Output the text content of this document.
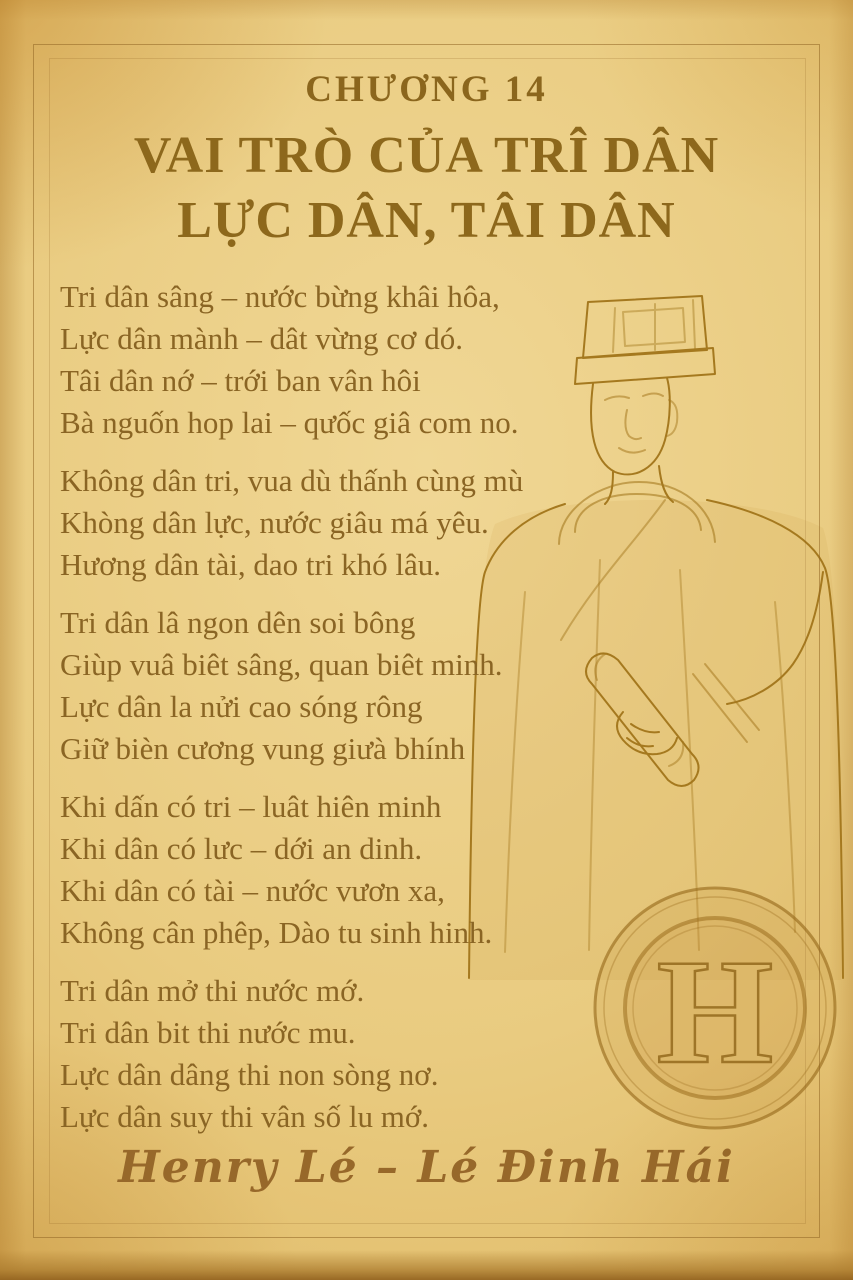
H
CHƯƠNG 14
VAI TRÒ CỦA TRÎ DÂN
LỰC DÂN, TÂI DÂN

Tri dân sâng – nước bừng khâi hôa,

Lực dân mành – dât vừng cơ dó.

Tâi dân nớ – trới ban vân hôi

Bà nguốn hop lai – qưốc giâ com no.

Không dân tri, vua dù thấnh cùng mù

Khòng dân lực, nước giâu má yêu.

Hương dân tài, dao tri khó lâu.

Tri dân lâ ngon dên soi bông

Giùp vuâ biêt sâng, quan biêt minh.

Lực dân la nửi cao sóng rông

Giữ bièn cương vung giưà bhính

Khi dấn có tri – luât hiên minh

Khi dân có lưc – dới an dinh.

Khi dân có tài – nước vươn xa,

Không cân phêp, Dào tu sinh hinh.

Tri dân mở thi nước mớ.

Tri dân bit thi nước mu.

Lực dân dâng thi non sòng nơ.

Lực dân suy thi vân số lu mớ.

Henry Lé – Lé Đinh Hái
